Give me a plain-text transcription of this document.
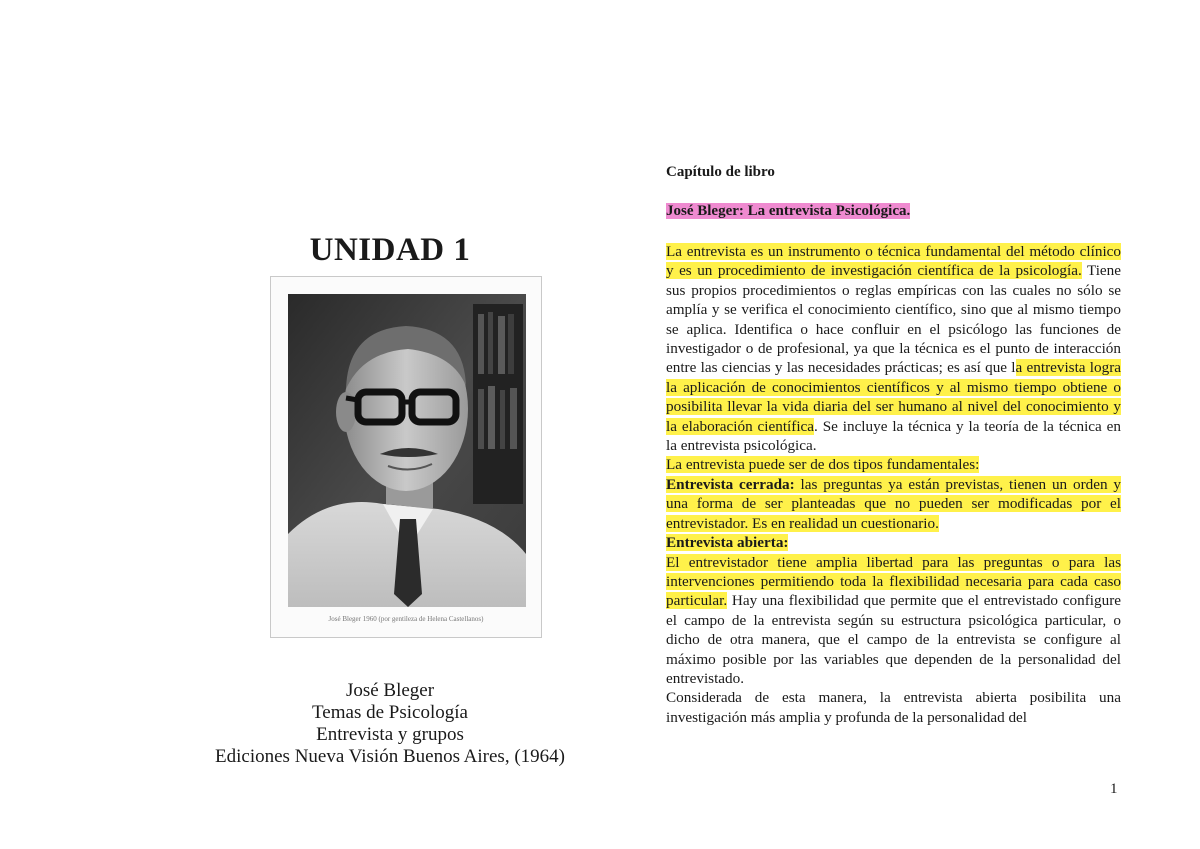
UNIDAD 1
José Bleger 1960 (por gentileza de Helena Castellanos)
José Bleger
Temas de Psicología
Entrevista y grupos
Ediciones Nueva Visión Buenos Aires, (1964)
Capítulo de libro
José Bleger: La entrevista Psicológica.

La entrevista es un instrumento o técnica fundamental del método clínico y es un procedimiento de investigación científica de la psicología. Tiene sus propios procedimientos o reglas empíricas con las cuales no sólo se amplía y se verifica el conocimiento científico, sino que al mismo tiempo se aplica. Identifica o hace confluir en el psicólogo las funciones de investigador o de profesional, ya que la técnica es el punto de interacción entre las ciencias y las necesidades prácticas; es así que la entrevista logra la aplicación de conocimientos científicos y al mismo tiempo obtiene o posibilita llevar la vida diaria del ser humano al nivel del conocimiento y la elaboración científica. Se incluye la técnica y la teoría de la técnica en la entrevista psicológica.

La entrevista puede ser de dos tipos fundamentales:

Entrevista cerrada: las preguntas ya están previstas, tienen un orden y una forma de ser planteadas que no pueden ser modificadas por el entrevistador. Es en realidad un cuestionario.

Entrevista abierta:

El entrevistador tiene amplia libertad para las preguntas o para las intervenciones permitiendo toda la flexibilidad necesaria para cada caso particular. Hay una flexibilidad que permite que el entrevistado configure el campo de la entrevista según su estructura psicológica particular, o dicho de otra manera, que el campo de la entrevista se configure al máximo posible por las variables que dependen de la personalidad del entrevistado.

Considerada de esta manera, la entrevista abierta posibilita una investigación más amplia y profunda de la personalidad del

1
